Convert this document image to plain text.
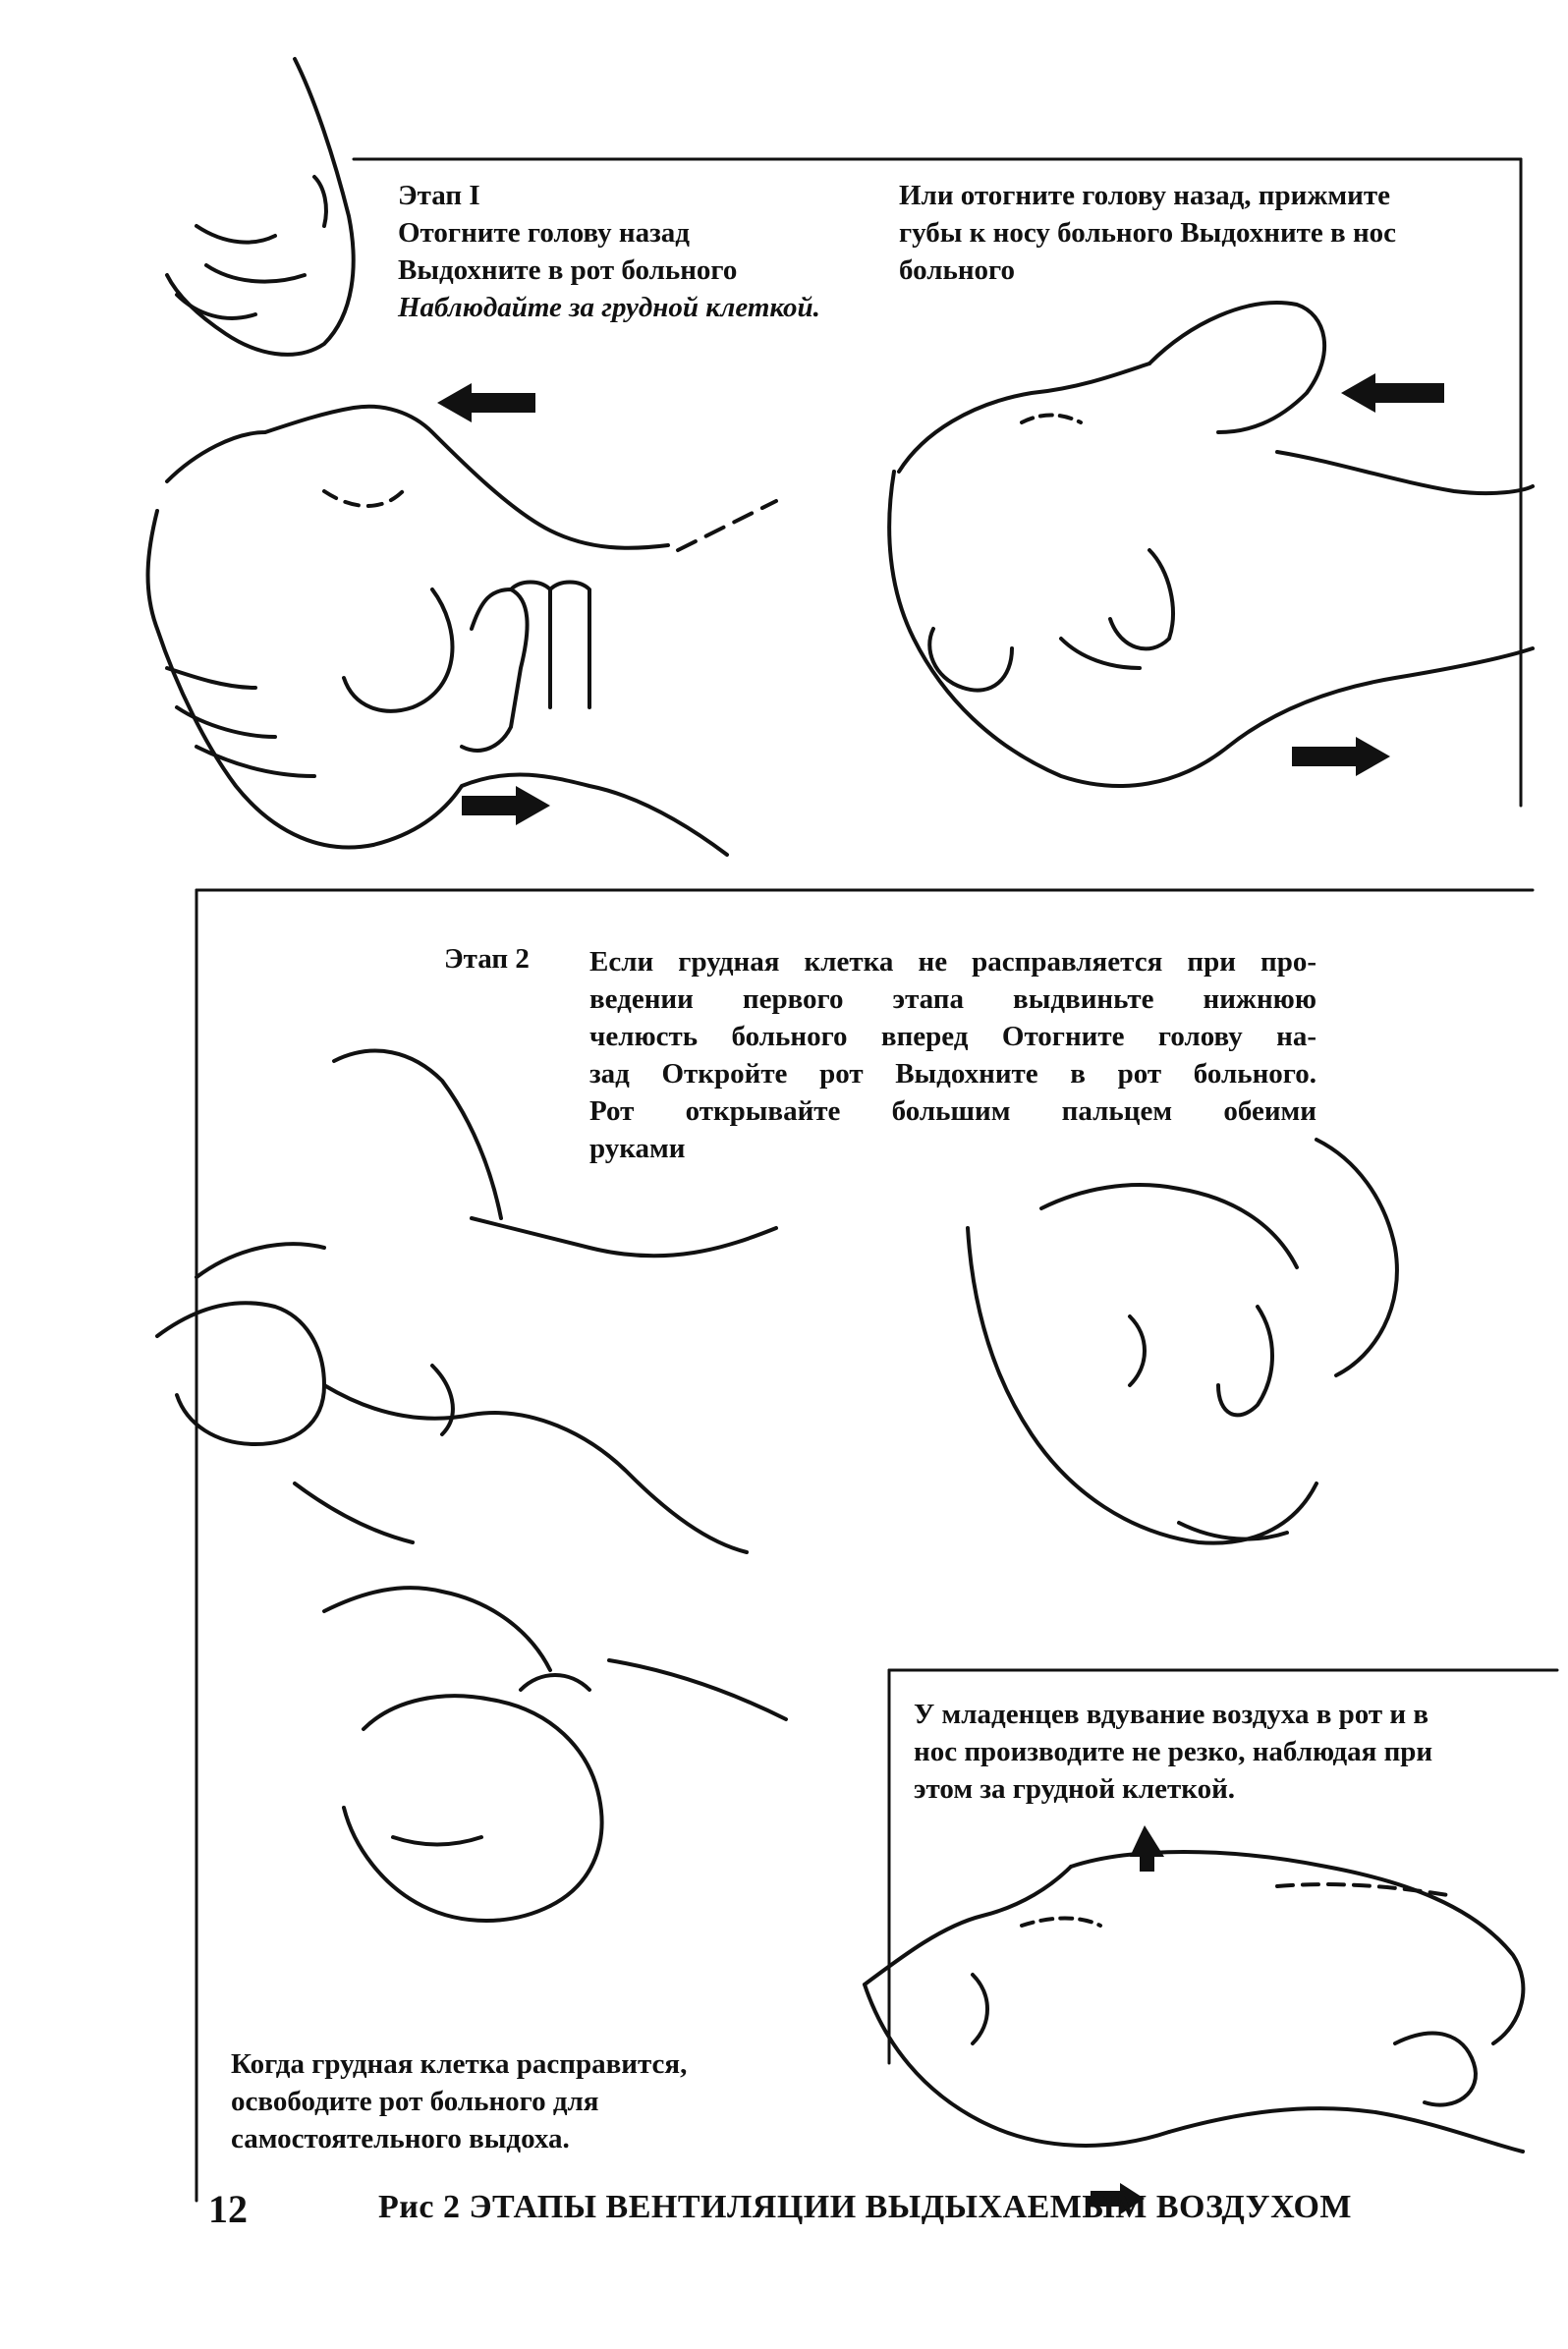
Этап I
Отогните голову назад
Выдохните в рот больного
Наблюдайте за грудной клеткой.
Или отогните голову назад, прижмите
губы к носу больного Выдохните в нос
больного
Этап 2 Если грудная клетка не расправляется при про-
ведении первого этапа выдвиньте нижнюю
челюсть больного вперед Отогните голову на-
зад Откройте рот Выдохните в рот больного.
Рот открывайте большим пальцем обеими
руками
У младенцев вдувание воздуха в рот и в
нос производите не резко, наблюдая при
этом за грудной клеткой.
Когда грудная клетка расправится,
освободите рот больного для
самостоятельного выдоха.
12	Рис 2 ЭТАПЫ ВЕНТИЛЯЦИИ ВЫДЫХАЕМЫМ ВОЗДУХОМ
